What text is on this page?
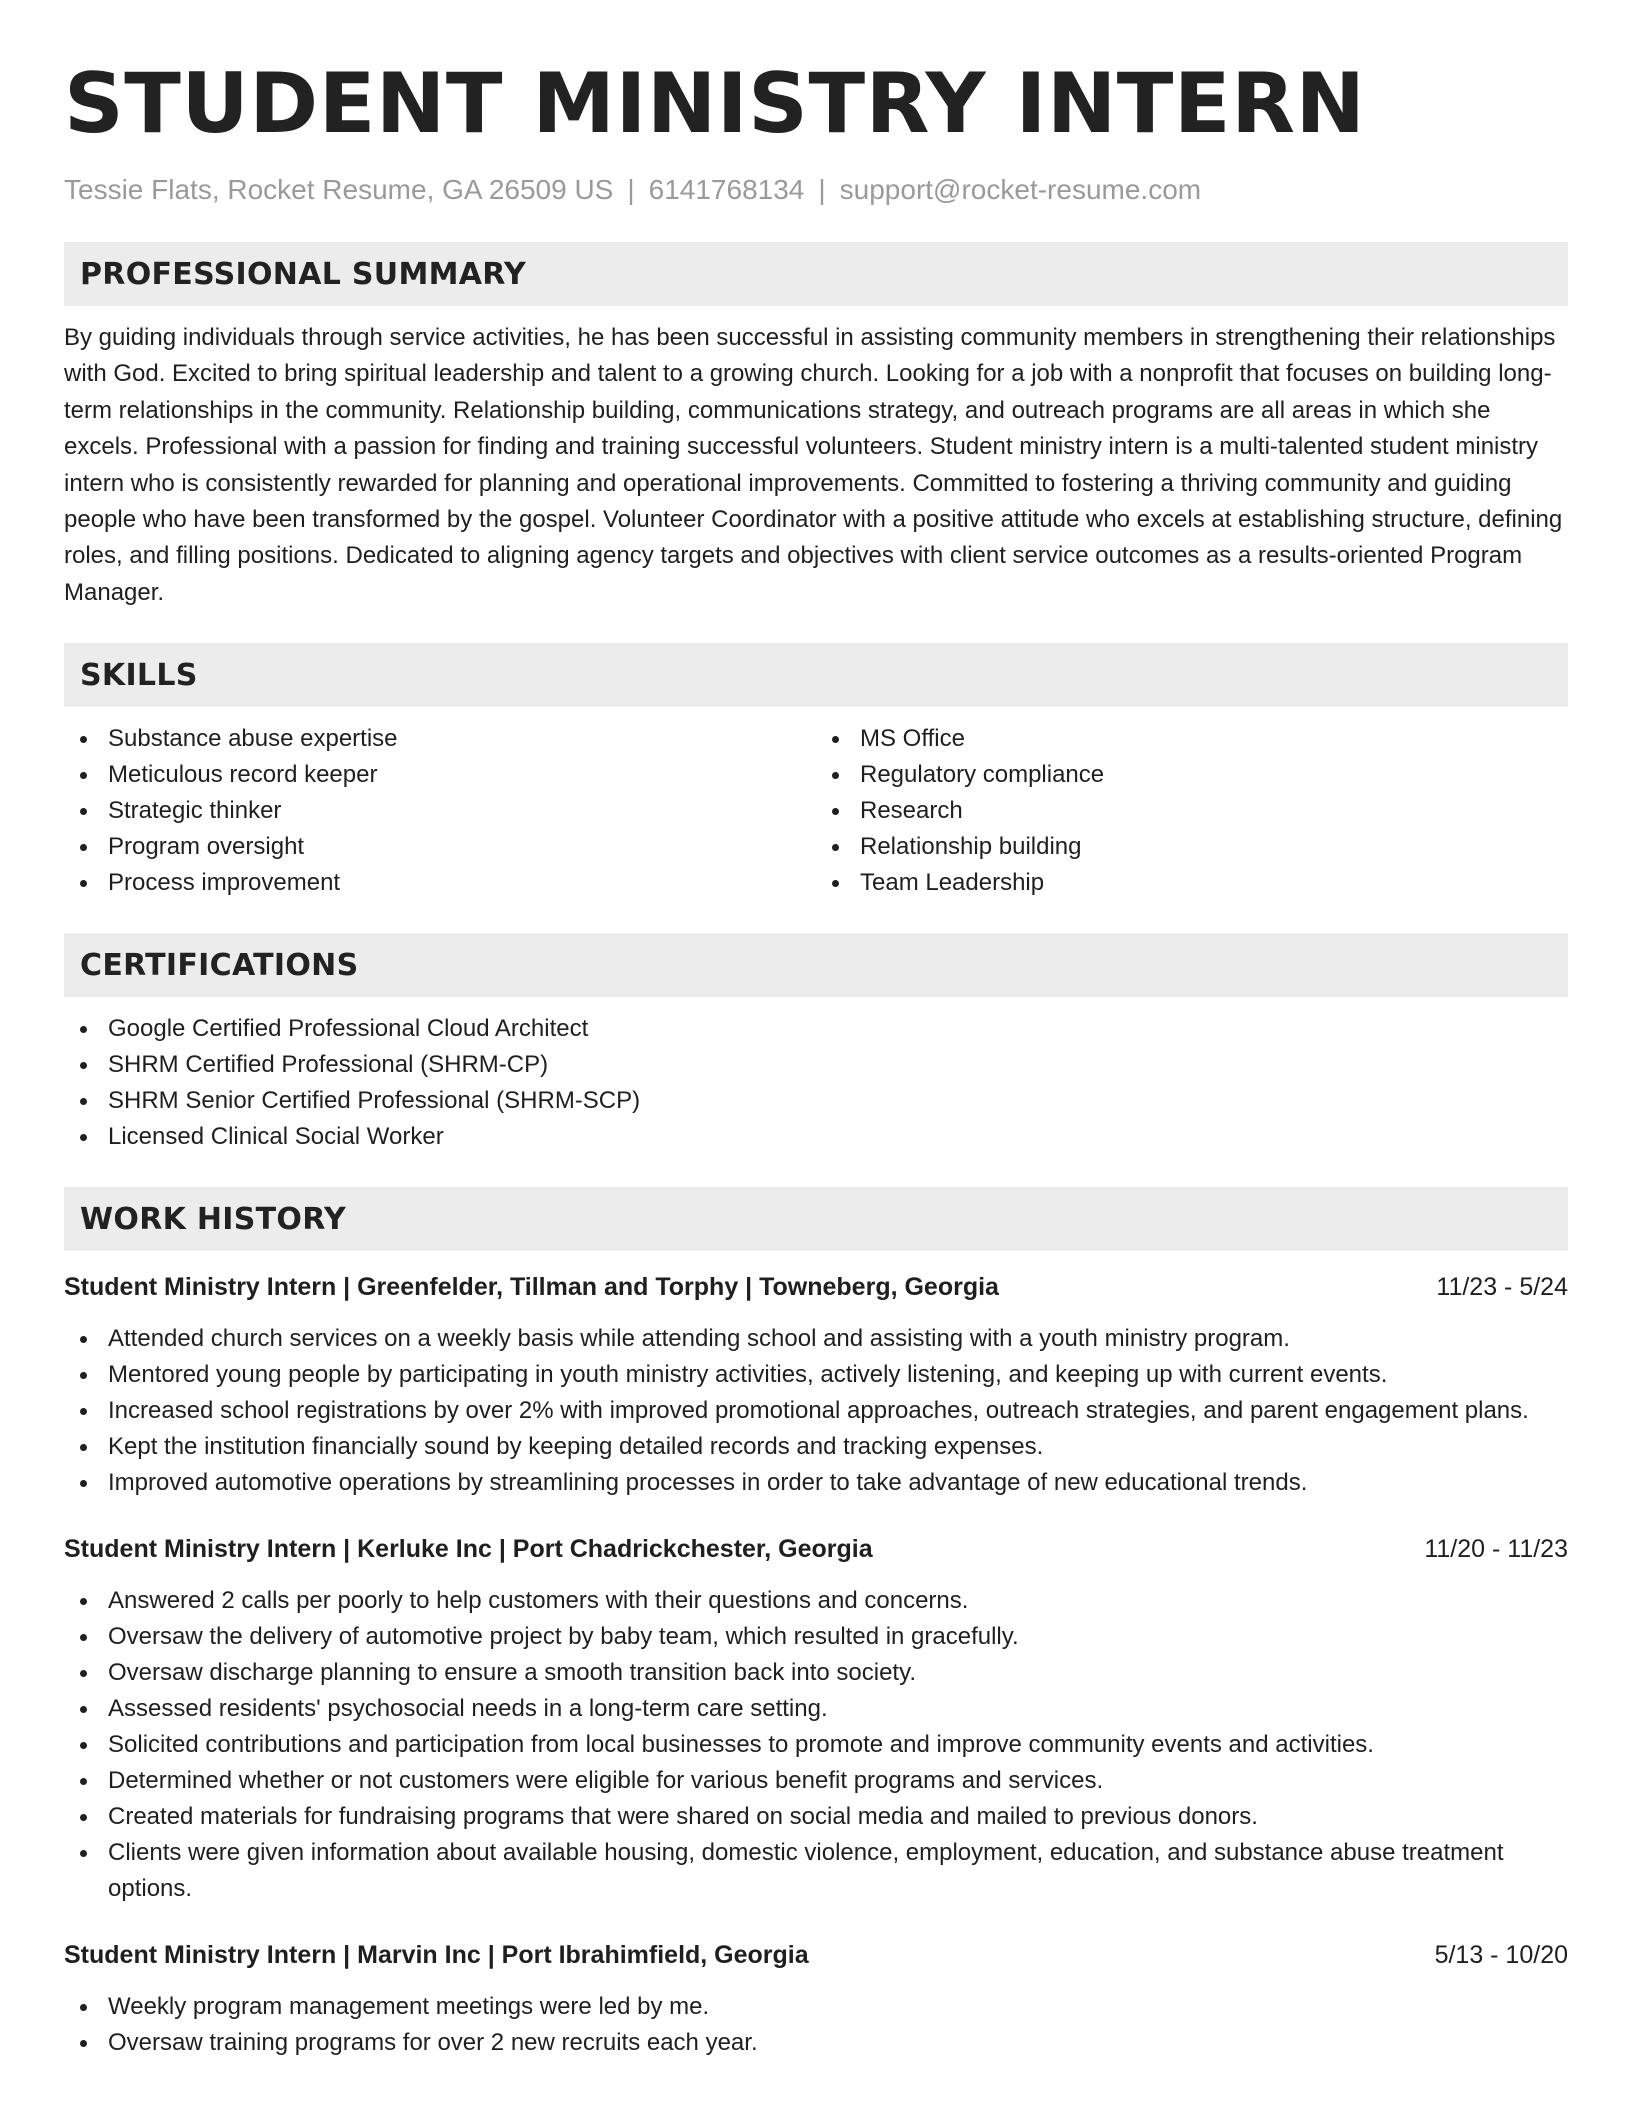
STUDENT MINISTRY INTERN
Tessie Flats, Rocket Resume, GA 26509 US | 6141768134 | support@rocket-resume.com
PROFESSIONAL SUMMARY
By guiding individuals through service activities, he has been successful in assisting community members in strengthening their relationships with God. Excited to bring spiritual leadership and talent to a growing church. Looking for a job with a nonprofit that focuses on building long-term relationships in the community. Relationship building, communications strategy, and outreach programs are all areas in which she excels. Professional with a passion for finding and training successful volunteers. Student ministry intern is a multi-talented student ministry intern who is consistently rewarded for planning and operational improvements. Committed to fostering a thriving community and guiding people who have been transformed by the gospel. Volunteer Coordinator with a positive attitude who excels at establishing structure, defining roles, and filling positions. Dedicated to aligning agency targets and objectives with client service outcomes as a results-oriented Program Manager.
SKILLS
Substance abuse expertise
Meticulous record keeper
Strategic thinker
Program oversight
Process improvement
MS Office
Regulatory compliance
Research
Relationship building
Team Leadership
CERTIFICATIONS
Google Certified Professional Cloud Architect
SHRM Certified Professional (SHRM-CP)
SHRM Senior Certified Professional (SHRM-SCP)
Licensed Clinical Social Worker
WORK HISTORY
Student Ministry Intern | Greenfelder, Tillman and Torphy | Towneberg, Georgia	11/23 - 5/24
Attended church services on a weekly basis while attending school and assisting with a youth ministry program.
Mentored young people by participating in youth ministry activities, actively listening, and keeping up with current events.
Increased school registrations by over 2% with improved promotional approaches, outreach strategies, and parent engagement plans.
Kept the institution financially sound by keeping detailed records and tracking expenses.
Improved automotive operations by streamlining processes in order to take advantage of new educational trends.
Student Ministry Intern | Kerluke Inc | Port Chadrickchester, Georgia	11/20 - 11/23
Answered 2 calls per poorly to help customers with their questions and concerns.
Oversaw the delivery of automotive project by baby team, which resulted in gracefully.
Oversaw discharge planning to ensure a smooth transition back into society.
Assessed residents' psychosocial needs in a long-term care setting.
Solicited contributions and participation from local businesses to promote and improve community events and activities.
Determined whether or not customers were eligible for various benefit programs and services.
Created materials for fundraising programs that were shared on social media and mailed to previous donors.
Clients were given information about available housing, domestic violence, employment, education, and substance abuse treatment options.
Student Ministry Intern | Marvin Inc | Port Ibrahimfield, Georgia	5/13 - 10/20
Weekly program management meetings were led by me.
Oversaw training programs for over 2 new recruits each year.
